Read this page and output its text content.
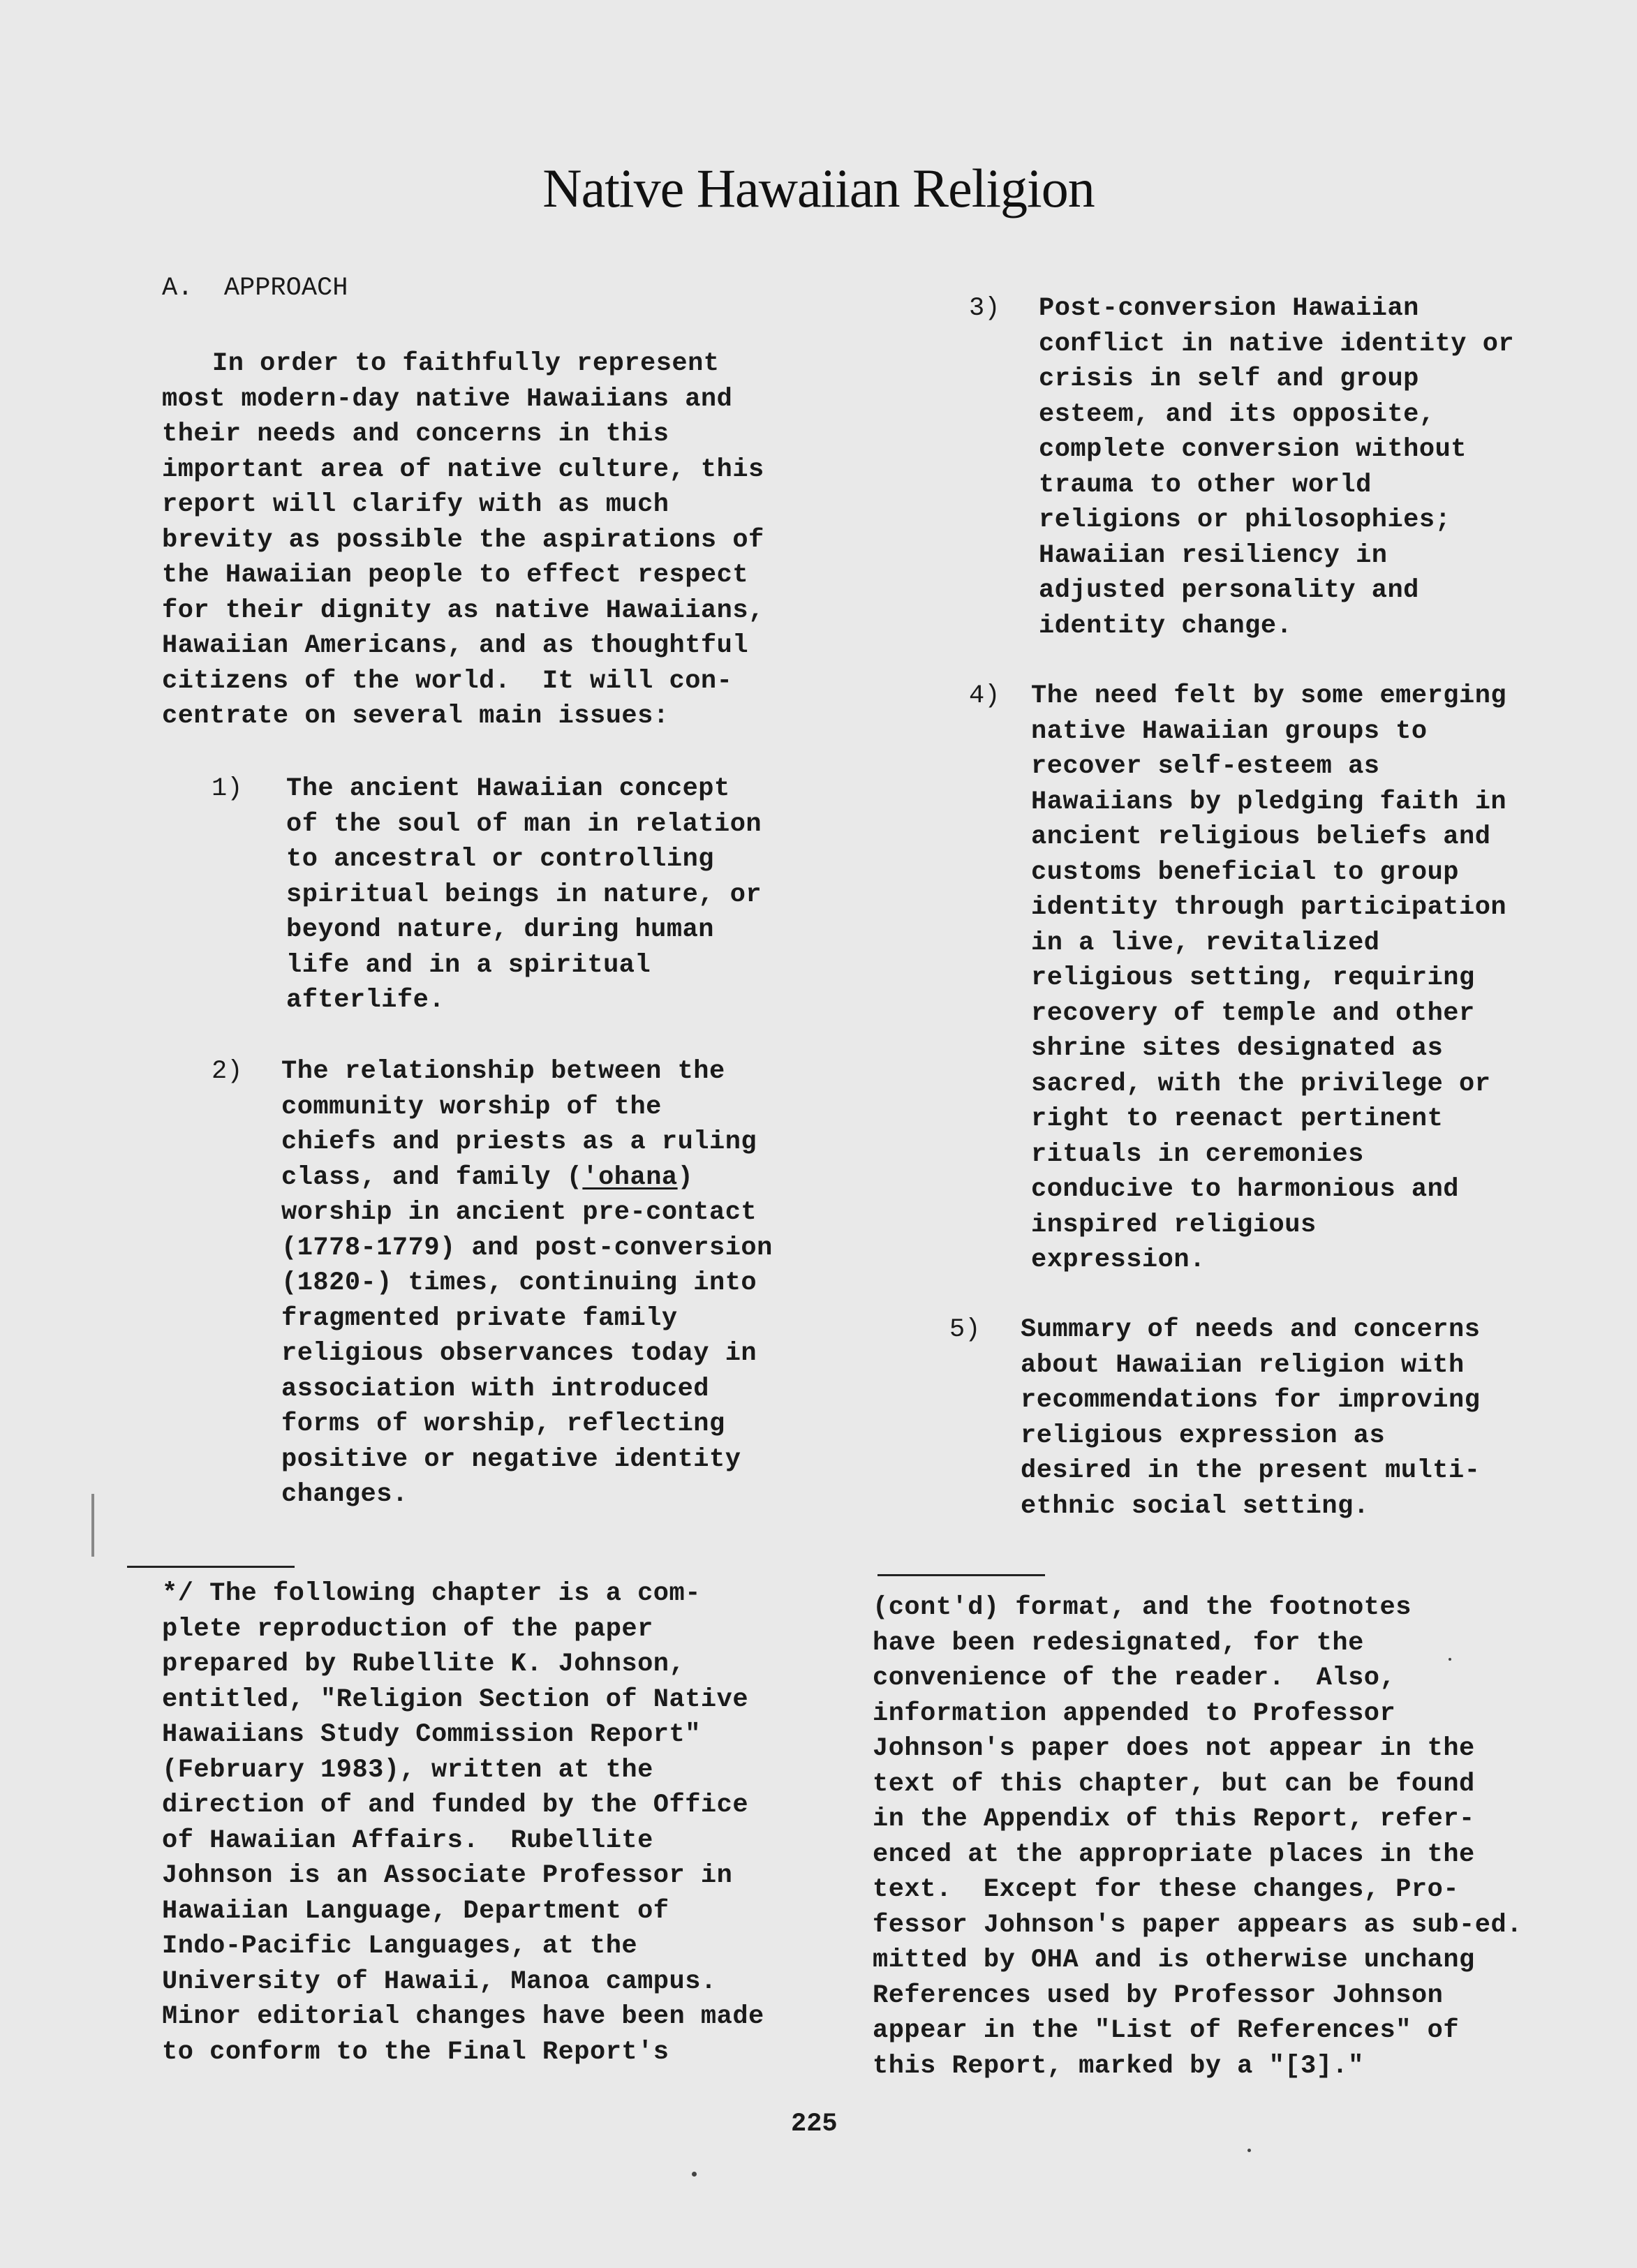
Native Hawaiian Religion
A.  APPROACH
In order to faithfully represent
most modern-day native Hawaiians and
their needs and concerns in this
important area of native culture, this
report will clarify with as much
brevity as possible the aspirations of
the Hawaiian people to effect respect
for their dignity as native Hawaiians,
Hawaiian Americans, and as thoughtful
citizens of the world.  It will con-
centrate on several main issues:
1) The ancient Hawaiian concept
of the soul of man in relation
to ancestral or controlling
spiritual beings in nature, or
beyond nature, during human
life and in a spiritual
afterlife.
2) The relationship between the
community worship of the
chiefs and priests as a ruling
class, and family ('ohana)
worship in ancient pre-contact
(1778-1779) and post-conversion
(1820-) times, continuing into
fragmented private family
religious observances today in
association with introduced
forms of worship, reflecting
positive or negative identity
changes.
3) Post-conversion Hawaiian
conflict in native identity or
crisis in self and group
esteem, and its opposite,
complete conversion without
trauma to other world
religions or philosophies;
Hawaiian resiliency in
adjusted personality and
identity change.
4) The need felt by some emerging
native Hawaiian groups to
recover self-esteem as
Hawaiians by pledging faith in
ancient religious beliefs and
customs beneficial to group
identity through participation
in a live, revitalized
religious setting, requiring
recovery of temple and other
shrine sites designated as
sacred, with the privilege or
right to reenact pertinent
rituals in ceremonies
conducive to harmonious and
inspired religious
expression.
5) Summary of needs and concerns
about Hawaiian religion with
recommendations for improving
religious expression as
desired in the present multi-
ethnic social setting.
*/ The following chapter is a com-
plete reproduction of the paper
prepared by Rubellite K. Johnson,
entitled, "Religion Section of Native
Hawaiians Study Commission Report"
(February 1983), written at the
direction of and funded by the Office
of Hawaiian Affairs.  Rubellite
Johnson is an Associate Professor in
Hawaiian Language, Department of
Indo-Pacific Languages, at the
University of Hawaii, Manoa campus.
Minor editorial changes have been made
to conform to the Final Report's
(cont'd) format, and the footnotes
have been redesignated, for the
convenience of the reader.  Also,
information appended to Professor
Johnson's paper does not appear in the
text of this chapter, but can be found
in the Appendix of this Report, refer-
enced at the appropriate places in the
text.  Except for these changes, Pro-
fessor Johnson's paper appears as sub-ed.
mitted by OHA and is otherwise unchang
References used by Professor Johnson
appear in the "List of References" of
this Report, marked by a "[3]."
225
